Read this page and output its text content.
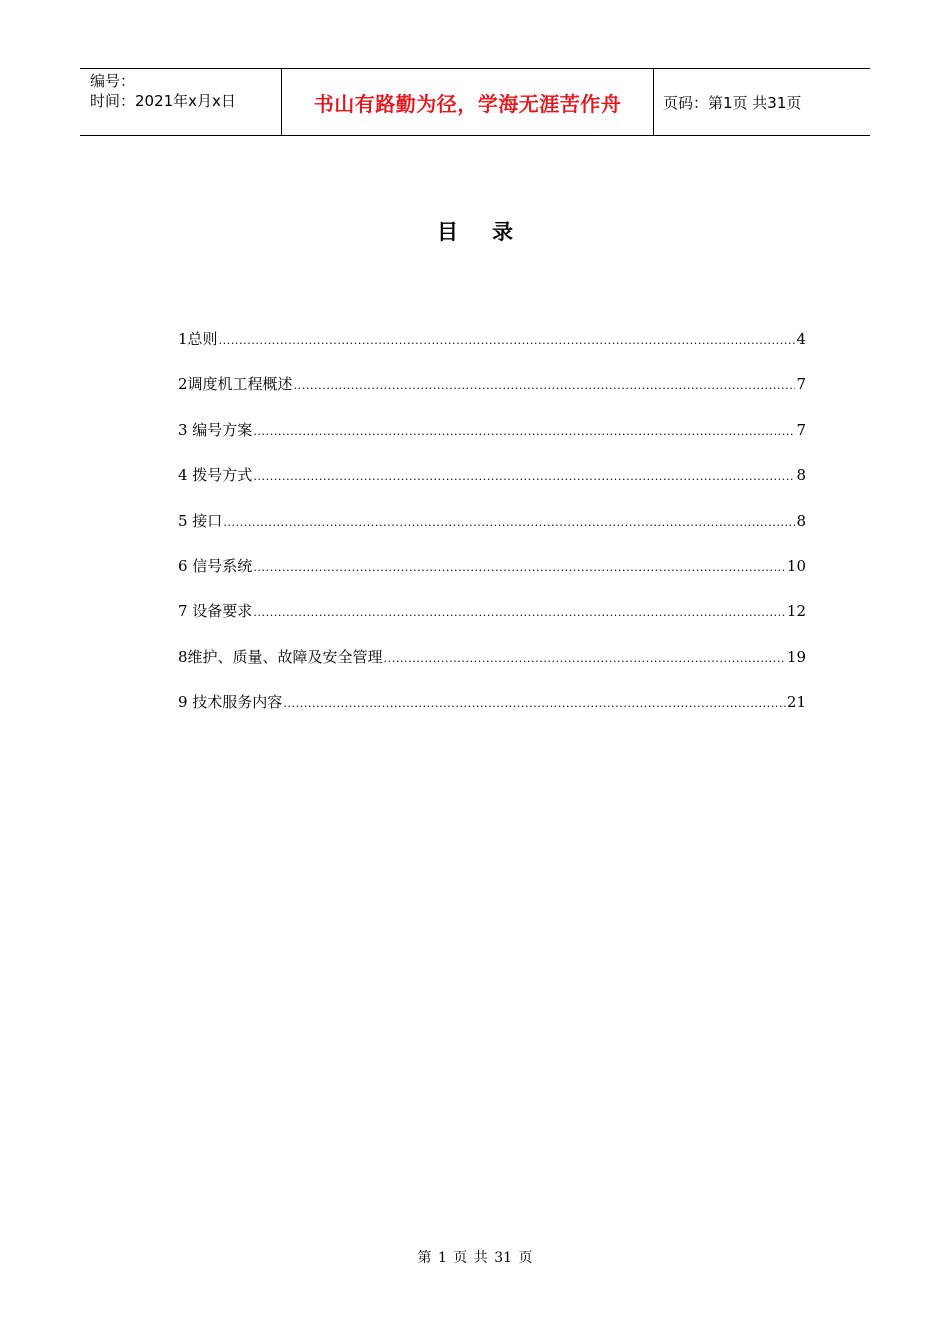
编号：
时间：2021年x月x日	书山有路勤为径，学海无涯苦作舟	页码：第1页 共31页
目 录
1总则 .....	4
2调度机工程概述 .....	7
3 编号方案 .....	7
4 拨号方式 .....	8
5 接口 .....	8
6 信号系统 .....	10
7 设备要求 .....	12
8维护、质量、故障及安全管理 .....	19
9 技术服务内容 .....	21
第 1 页 共 31 页
